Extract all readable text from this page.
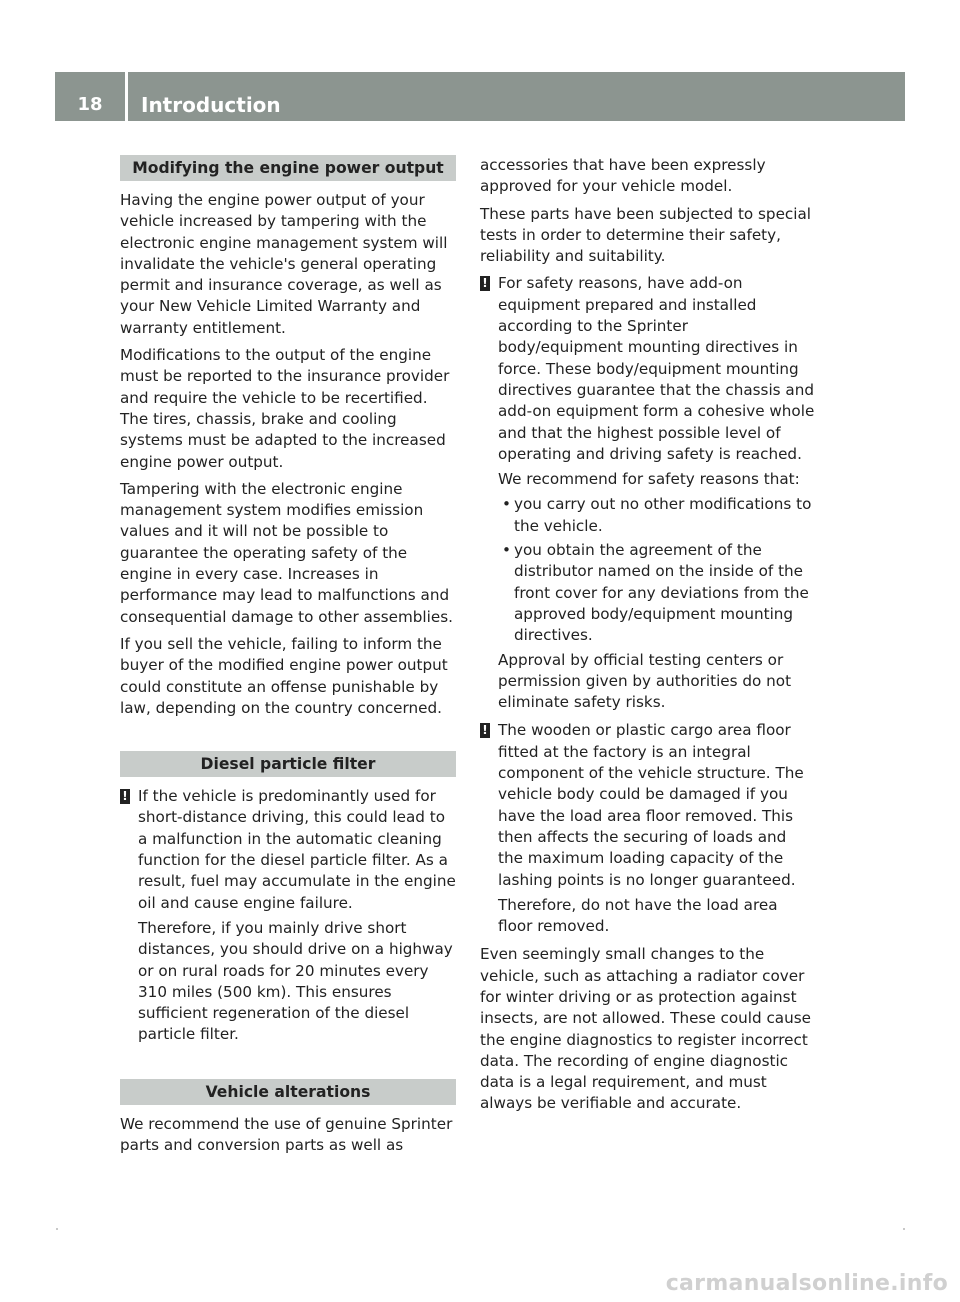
18	Introduction
Modifying the engine power output

Having the engine power output of your vehicle increased by tampering with the electronic engine management system will invalidate the vehicle's general operating permit and insurance coverage, as well as your New Vehicle Limited Warranty and warranty entitlement.

Modifications to the output of the engine must be reported to the insurance provider and require the vehicle to be recertified. The tires, chassis, brake and cooling systems must be adapted to the increased engine power output.

Tampering with the electronic engine management system modifies emission values and it will not be possible to guarantee the operating safety of the engine in every case. Increases in performance may lead to malfunctions and consequential damage to other assemblies.

If you sell the vehicle, failing to inform the buyer of the modified engine power output could constitute an offense punishable by law, depending on the country concerned.

Diesel particle filter
! If the vehicle is predominantly used for short-distance driving, this could lead to a malfunction in the automatic cleaning function for the diesel particle filter. As a result, fuel may accumulate in the engine oil and cause engine failure.

Therefore, if you mainly drive short distances, you should drive on a highway or on rural roads for 20 minutes every 310 miles (500 km). This ensures sufficient regeneration of the diesel particle filter.

Vehicle alterations

We recommend the use of genuine Sprinter parts and conversion parts as well as

accessories that have been expressly approved for your vehicle model.

These parts have been subjected to special tests in order to determine their safety, reliability and suitability.

! For safety reasons, have add-on equipment prepared and installed according to the Sprinter body/equipment mounting directives in force. These body/equipment mounting directives guarantee that the chassis and add-on equipment form a cohesive whole and that the highest possible level of operating and driving safety is reached.

We recommend for safety reasons that:

• you carry out no other modifications to the vehicle.
• you obtain the agreement of the distributor named on the inside of the front cover for any deviations from the approved body/equipment mounting directives.

Approval by official testing centers or permission given by authorities do not eliminate safety risks.

! The wooden or plastic cargo area floor fitted at the factory is an integral component of the vehicle structure. The vehicle body could be damaged if you have the load area floor removed. This then affects the securing of loads and the maximum loading capacity of the lashing points is no longer guaranteed.

Therefore, do not have the load area floor removed.

Even seemingly small changes to the vehicle, such as attaching a radiator cover for winter driving or as protection against insects, are not allowed. These could cause the engine diagnostics to register incorrect data. The recording of engine diagnostic data is a legal requirement, and must always be verifiable and accurate.

carmanualsonline.info
